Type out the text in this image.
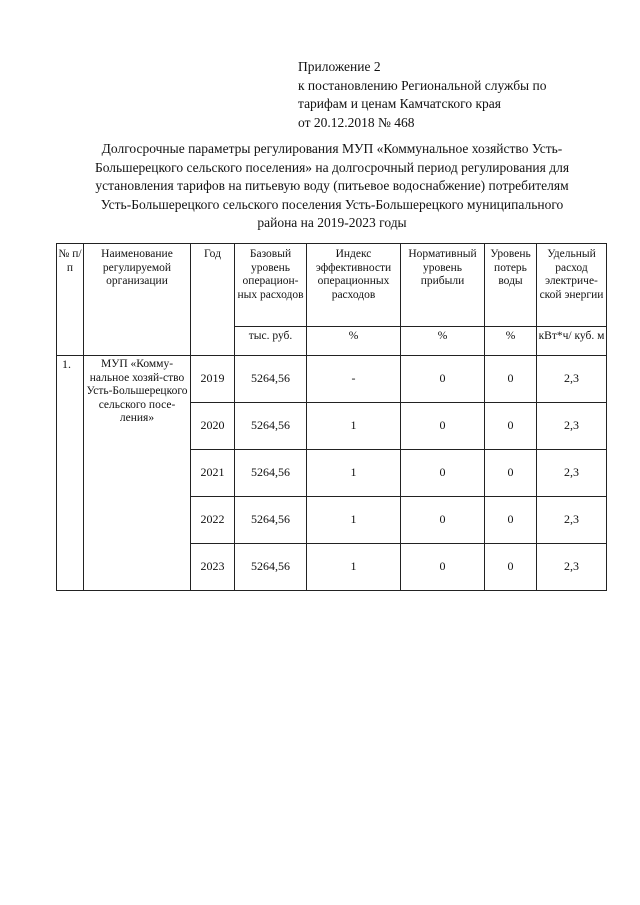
Приложение 2
к постановлению Региональной службы по
тарифам и ценам Камчатского края
от 20.12.2018 № 468
Долгосрочные параметры регулирования МУП «Коммунальное хозяйство Усть-
Большерецкого сельского поселения» на долгосрочный период регулирования для
установления тарифов на питьевую воду (питьевое водоснабжение) потребителям
Усть-Большерецкого сельского поселения Усть-Большерецкого муниципального
района на 2019-2023 годы
№ п/п	Наименование регулируемой организации	Год	Базовый уровень операцион-ных расходов	Индекс эффективности операционных расходов	Нормативный уровень прибыли	Уровень потерь воды	Удельный расход электриче-ской энергии
			тыс. руб.	%	%	%	кВт*ч/ куб. м
1.	МУП «Комму-нальное хозяй-ство Усть-Большерецкого сельского посе-ления»	2019	5264,56	-	0	0	2,3
		2020	5264,56	1	0	0	2,3
		2021	5264,56	1	0	0	2,3
		2022	5264,56	1	0	0	2,3
		2023	5264,56	1	0	0	2,3
